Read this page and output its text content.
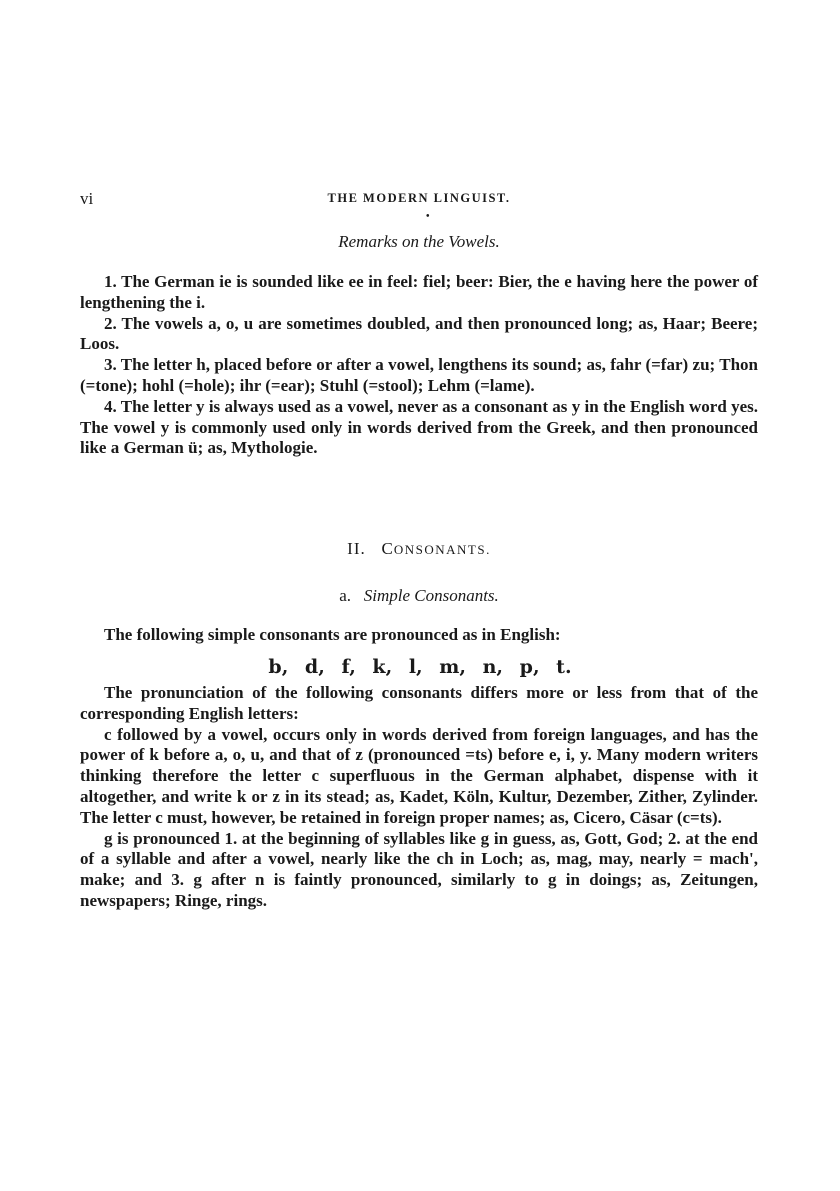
vi	THE MODERN LINGUIST.
•
Remarks on the Vowels.

1. The German ie is sounded like ee in feel: fiel; beer: Bier, the e having here the power of lengthening the i.

2. The vowels a, o, u are sometimes doubled, and then pronounced long; as, Haar; Beere; Loos.

3. The letter h, placed before or after a vowel, lengthens its sound; as, fahr (=far) zu; Thon (=tone); hohl (=hole); ihr (=ear); Stuhl (=stool); Lehm (=lame).

4. The letter y is always used as a vowel, never as a consonant as y in the English word yes. The vowel y is commonly used only in words derived from the Greek, and then pronounced like a German ü; as, Mythologie.

II. CONSONANTS.
a. Simple Consonants.

The following simple consonants are pronounced as in English:

b, d, f, k, l, m, n, p, t.

The pronunciation of the following consonants differs more or less from that of the corresponding English letters:

c followed by a vowel, occurs only in words derived from foreign languages, and has the power of k before a, o, u, and that of z (pronounced =ts) before e, i, y. Many modern writers thinking therefore the letter c superfluous in the German alphabet, dispense with it altogether, and write k or z in its stead; as, Kadet, Köln, Kultur, Dezember, Zither, Zylinder. The letter c must, however, be retained in foreign proper names; as, Cicero, Cäsar (c=ts).

g is pronounced 1. at the beginning of syllables like g in guess, as, Gott, God; 2. at the end of a syllable and after a vowel, nearly like the ch in Loch; as, mag, may, nearly = mach', make; and 3. g after n is faintly pronounced, similarly to g in doings; as, Zeitungen, newspapers; Ringe, rings.
